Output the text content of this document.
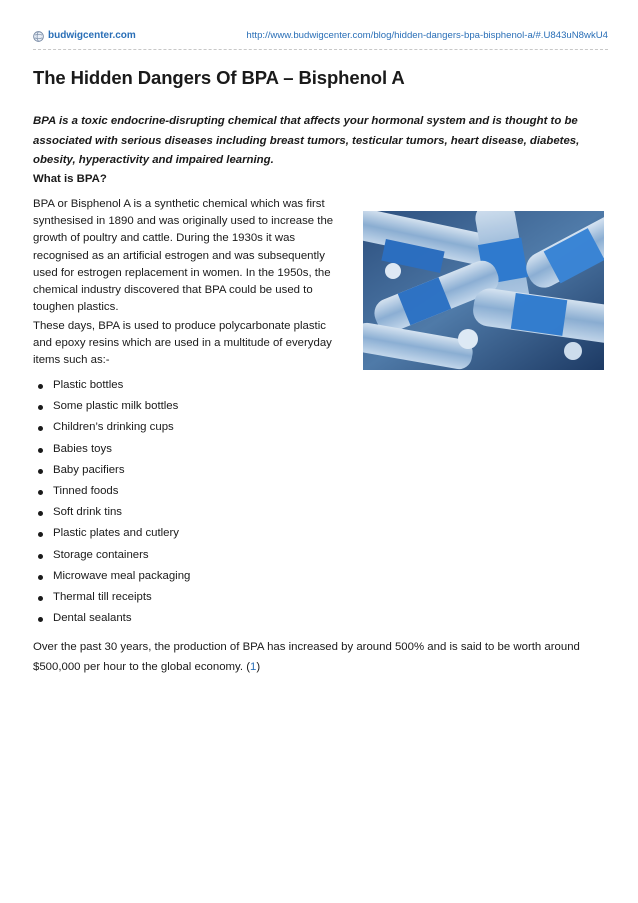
budwigcenter.com	http://www.budwigcenter.com/blog/hidden-dangers-bpa-bisphenol-a/#.U843uN8wkU4
The Hidden Dangers Of BPA – Bisphenol A

BPA is a toxic endocrine-disrupting chemical that affects your hormonal system and is thought to be associated with serious diseases including breast tumors, testicular tumors, heart disease, diabetes, obesity, hyperactivity and impaired learning.

What is BPA?

BPA or Bisphenol A is a synthetic chemical which was first synthesised in 1890 and was originally used to increase the growth of poultry and cattle. During the 1930s it was recognised as an artificial estrogen and was subsequently used for estrogen replacement in women. In the 1950s, the chemical industry discovered that BPA could be used to toughen plastics.

These days, BPA is used to produce polycarbonate plastic and epoxy resins which are used in a multitude of everyday items such as:-

Plastic bottles
Some plastic milk bottles
Children’s drinking cups
Babies toys
Baby pacifiers
Tinned foods
Soft drink tins
Plastic plates and cutlery
Storage containers
Microwave meal packaging
Thermal till receipts
Dental sealants

Over the past 30 years, the production of BPA has increased by around 500% and is said to be worth around $500,000 per hour to the global economy. (1)
